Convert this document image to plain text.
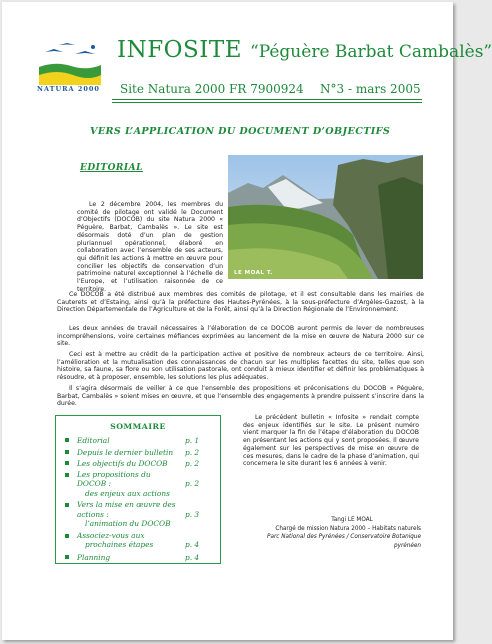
NATURA 2000
INFOSITE “Péguère Barbat Cambalès”
Site Natura 2000 FR 7900924 N°3 - mars 2005
VERS L’APPLICATION DU DOCUMENT D’OBJECTIFS
EDITORIAL
LE MOAL T.
Le 2 décembre 2004, les membres du comité de pilotage ont validé le Document d’Objectifs (DOCOB) du site Natura 2000 « Péguère, Barbat, Cambalès ». Le site est désormais doté d’un plan de gestion pluriannuel opérationnel, élaboré en collaboration avec l’ensemble de ses acteurs, qui définit les actions à mettre en œuvre pour concilier les objectifs de conservation d’un patrimoine naturel exceptionnel à l’échelle de l’Europe, et l’utilisation raisonnée de ce territoire.
Ce DOCOB a été distribué aux membres des comités de pilotage, et il est consultable dans les mairies de Cauterets et d’Estaing, ainsi qu’à la préfecture des Hautes-Pyrénées, à la sous-préfecture d’Argèles-Gazost, à la Direction Départementale de l’Agriculture et de la Forêt, ainsi qu’à la Direction Régionale de l’Environnement.
Les deux années de travail nécessaires à l’élaboration de ce DOCOB auront permis de lever de nombreuses incompréhensions, voire certaines méfiances exprimées au lancement de la mise en œuvre de Natura 2000 sur ce site.
Ceci est à mettre au crédit de la participation active et positive de nombreux acteurs de ce territoire. Ainsi, l’amélioration et la mutualisation des connaissances de chacun sur les multiples facettes du site, telles que son histoire, sa faune, sa flore ou son utilisation pastorale, ont conduit à mieux identifier et définir les problématiques à résoudre, et à proposer, ensemble, les solutions les plus adéquates.
Il s’agira désormais de veiller à ce que l’ensemble des propositions et préconisations du DOCOB « Péguère, Barbat, Cambalès » soient mises en œuvre, et que l’ensemble des engagements à prendre puissent s’inscrire dans la durée.
Le précédent bulletin « Infosite » rendait compte des enjeux identifiés sur le site. Le présent numéro vient marquer la fin de l’étape d’élaboration du DOCOB en présentant les actions qui y sont proposées. Il œuvre également sur les perspectives de mise en œuvre de ces mesures, dans le cadre de la phase d’animation, qui concernera le site durant les 6 années à venir.
Tangi LE MOAL
Chargé de mission Natura 2000 – Habitats naturels
Parc National des Pyrénées / Conservatoire Botanique pyrénéen
SOMMAIRE
Editorial	p. 1
Depuis le dernier bulletin p. 2
Les objectifs du DOCOB p. 2
Les propositions du DOCOB :
des enjeux aux actions
p. 2
Vers la mise en œuvre des actions :
l’animation du DOCOB
p. 3
Associez-vous aux
prochaines étapes	p. 4
Planning	p. 4
